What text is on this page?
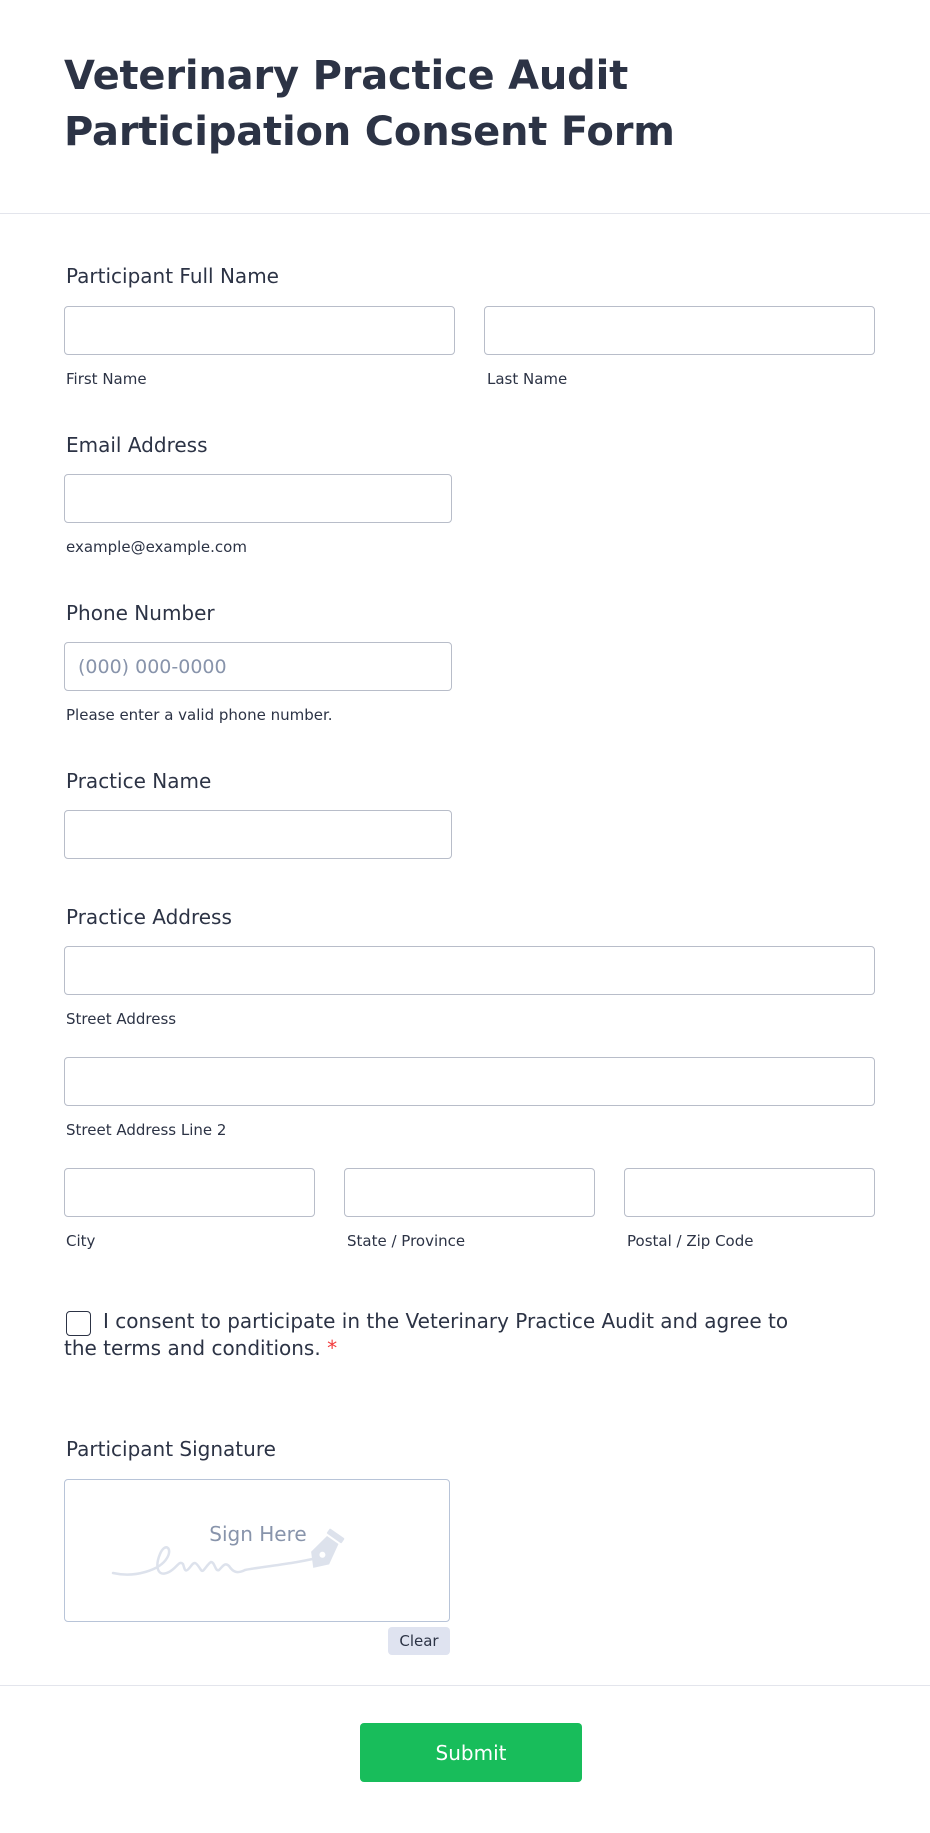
Veterinary Practice Audit Participation Consent Form
Participant Full Name
First Name	Last Name
Email Address
example@example.com
Phone Number
(000) 000-0000
Please enter a valid phone number.
Practice Name
Practice Address
Street Address
Street Address Line 2
City	State / Province	Postal / Zip Code
I consent to participate in the Veterinary Practice Audit and agree to the terms and conditions. *
Participant Signature
Sign Here
Clear
Submit
